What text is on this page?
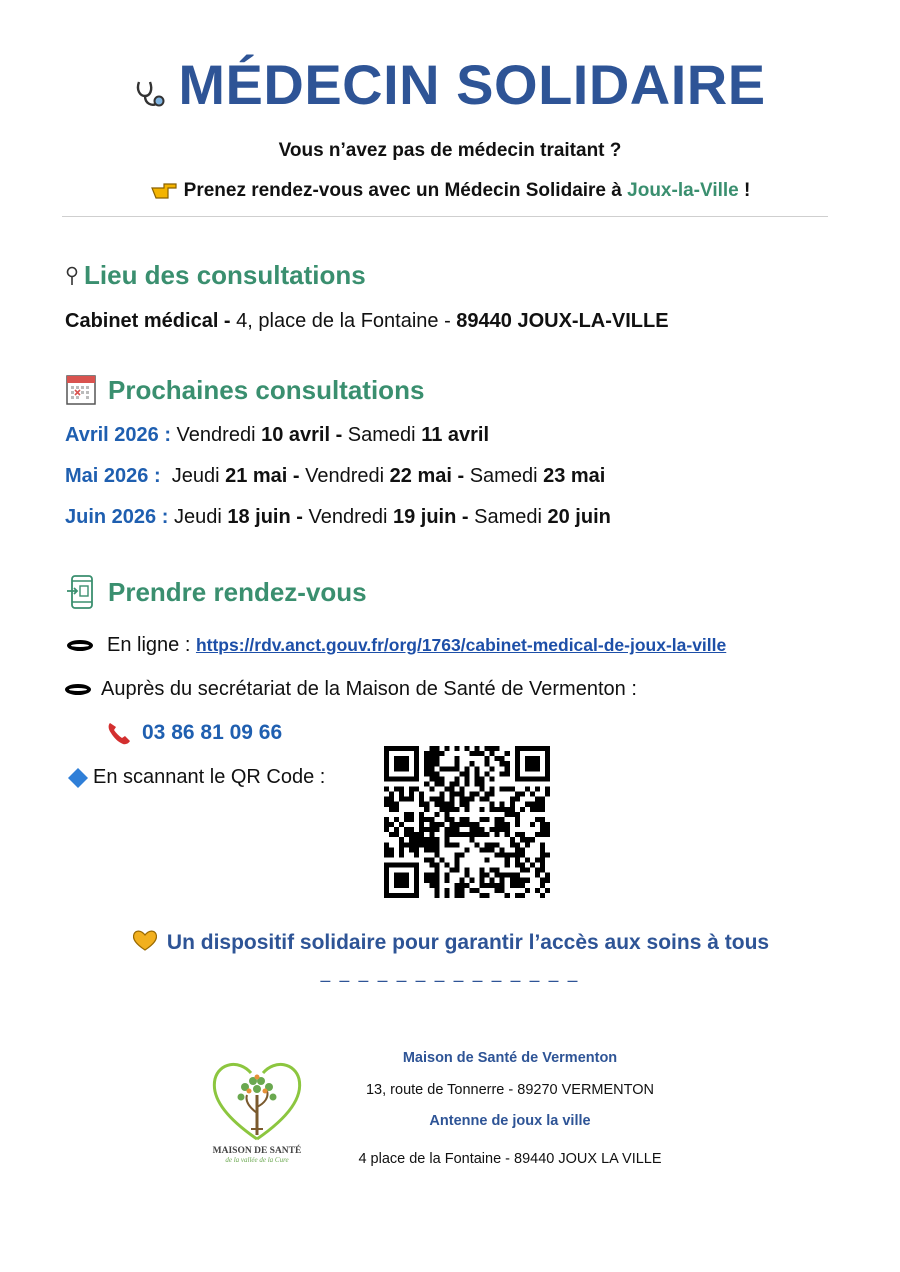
MÉDECIN SOLIDAIRE
Vous n’avez pas de médecin traitant ?
Prenez rendez-vous avec un Médecin Solidaire à Joux-la-Ville !
Lieu des consultations
Cabinet médical - 4, place de la Fontaine - 89440 JOUX-LA-VILLE
Prochaines consultations
Avril 2026 : Vendredi 10 avril - Samedi 11 avril
Mai 2026 :  Jeudi 21 mai - Vendredi 22 mai - Samedi 23 mai
Juin 2026 : Jeudi 18 juin - Vendredi 19 juin - Samedi 20 juin
Prendre rendez-vous
En ligne : https://rdv.anct.gouv.fr/org/1763/cabinet-medical-de-joux-la-ville
Auprès du secrétariat de la Maison de Santé de Vermenton :
03 86 81 09 66
En scannant le QR Code :
Un dispositif solidaire pour garantir l’accès aux soins à tous
– – – – – – – – – – – – – –
MAISON DE SANTÉ
de la vallée de la Cure
Maison de Santé de Vermenton
13, route de Tonnerre - 89270 VERMENTON
Antenne de joux la ville
4 place de la Fontaine - 89440 JOUX LA VILLE
